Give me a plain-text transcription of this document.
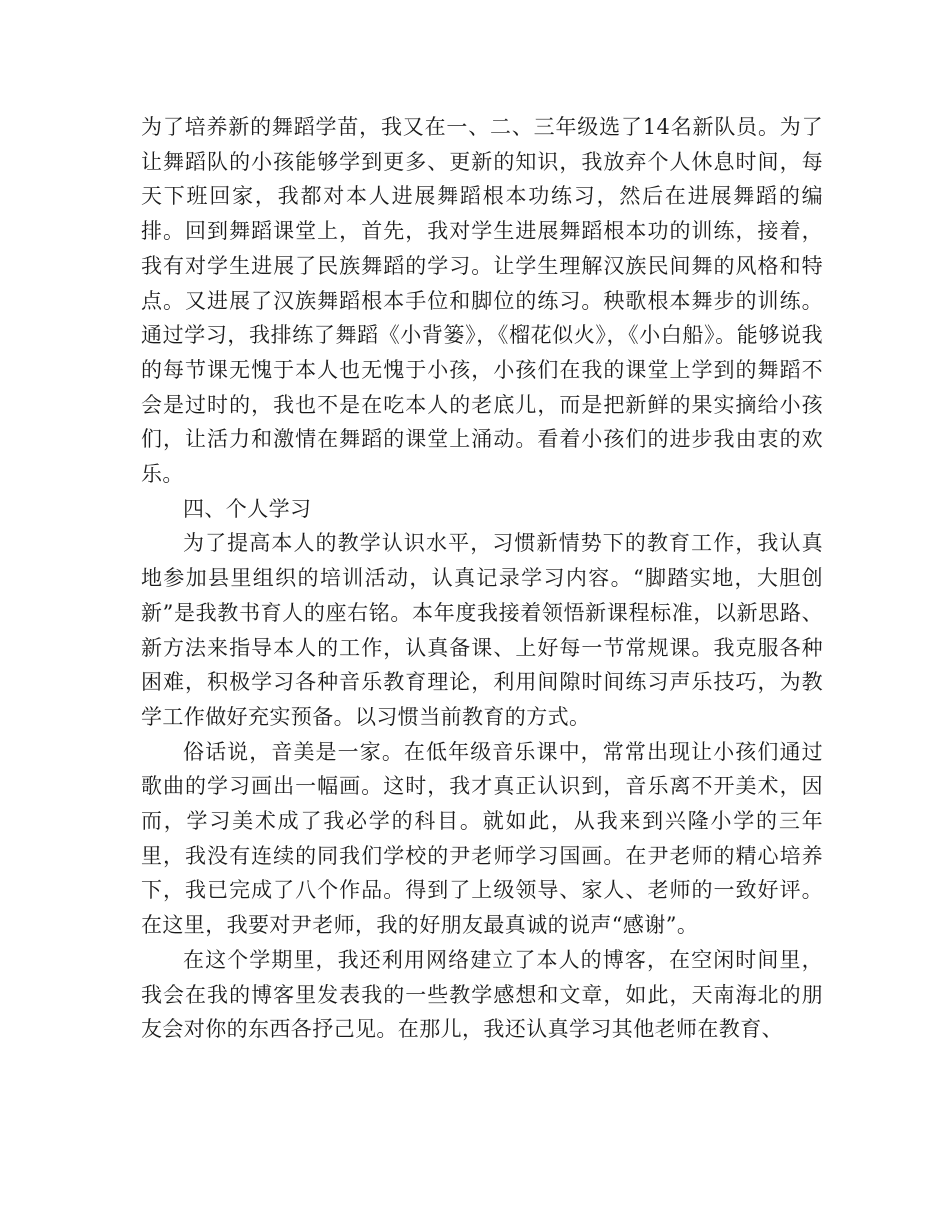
为了培养新的舞蹈学苗，我又在一、二、三年级选了14名新队员。为了让舞蹈队的小孩能够学到更多、更新的知识，我放弃个人休息时间，每天下班回家，我都对本人进展舞蹈根本功练习，然后在进展舞蹈的编排。回到舞蹈课堂上，首先，我对学生进展舞蹈根本功的训练，接着，我有对学生进展了民族舞蹈的学习。让学生理解汉族民间舞的风格和特点。又进展了汉族舞蹈根本手位和脚位的练习。秧歌根本舞步的训练。通过学习，我排练了舞蹈《小背篓》，《榴花似火》，《小白船》。能够说我的每节课无愧于本人也无愧于小孩，小孩们在我的课堂上学到的舞蹈不会是过时的，我也不是在吃本人的老底儿，而是把新鲜的果实摘给小孩们，让活力和激情在舞蹈的课堂上涌动。看着小孩们的进步我由衷的欢乐。

四、个人学习

为了提高本人的教学认识水平，习惯新情势下的教育工作，我认真地参加县里组织的培训活动，认真记录学习内容。“脚踏实地，大胆创新”是我教书育人的座右铭。本年度我接着领悟新课程标准，以新思路、新方法来指导本人的工作，认真备课、上好每一节常规课。我克服各种困难，积极学习各种音乐教育理论，利用间隙时间练习声乐技巧，为教学工作做好充实预备。以习惯当前教育的方式。

俗话说，音美是一家。在低年级音乐课中，常常出现让小孩们通过歌曲的学习画出一幅画。这时，我才真正认识到，音乐离不开美术，因而，学习美术成了我必学的科目。就如此，从我来到兴隆小学的三年里，我没有连续的同我们学校的尹老师学习国画。在尹老师的精心培养下，我已完成了八个作品。得到了上级领导、家人、老师的一致好评。在这里，我要对尹老师，我的好朋友最真诚的说声“感谢”。

在这个学期里，我还利用网络建立了本人的博客，在空闲时间里，我会在我的博客里发表我的一些教学感想和文章，如此，天南海北的朋友会对你的东西各抒己见。在那儿，我还认真学习其他老师在教育、
